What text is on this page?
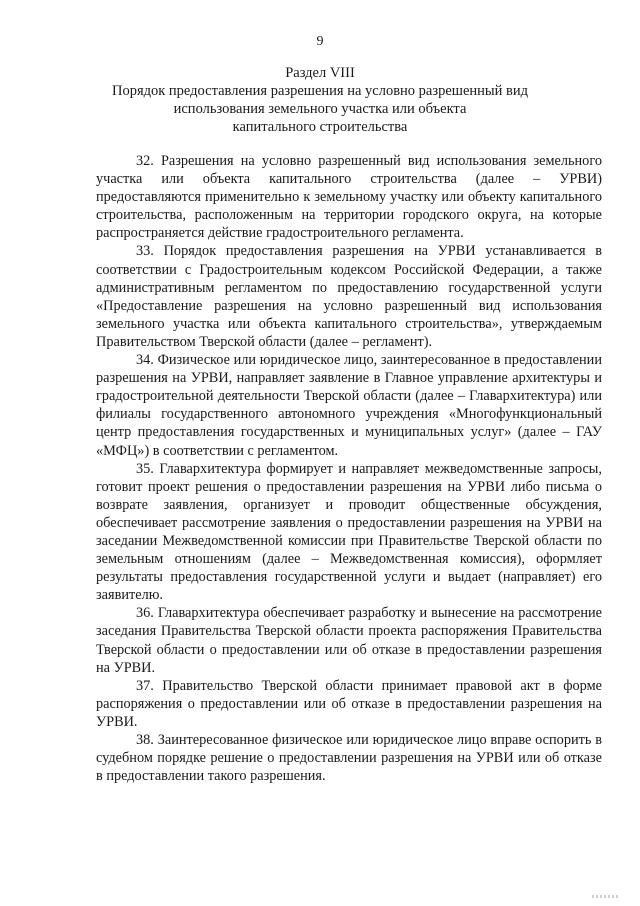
9
Раздел VIII
Порядок предоставления разрешения на условно разрешенный вид
использования земельного участка или объекта
капитального строительства

32. Разрешения на условно разрешенный вид использования земельного участка или объекта капитального строительства (далее – УРВИ) предоставляются применительно к земельному участку или объекту капитального строительства, расположенным на территории городского округа, на которые распространяется действие градостроительного регламента.

33. Порядок предоставления разрешения на УРВИ устанавливается в соответствии с Градостроительным кодексом Российской Федерации, а также административным регламентом по предоставлению государственной услуги «Предоставление разрешения на условно разрешенный вид использования земельного участка или объекта капитального строительства», утверждаемым Правительством Тверской области (далее – регламент).

34. Физическое или юридическое лицо, заинтересованное в предоставлении разрешения на УРВИ, направляет заявление в Главное управление архитектуры и градостроительной деятельности Тверской области (далее – Главархитектура) или филиалы государственного автономного учреждения «Многофункциональный центр предоставления государственных и муниципальных услуг» (далее – ГАУ «МФЦ») в соответствии с регламентом.

35. Главархитектура формирует и направляет межведомственные запросы, готовит проект решения о предоставлении разрешения на УРВИ либо письма о возврате заявления, организует и проводит общественные обсуждения, обеспечивает рассмотрение заявления о предоставлении разрешения на УРВИ на заседании Межведомственной комиссии при Правительстве Тверской области по земельным отношениям (далее – Межведомственная комиссия), оформляет результаты предоставления государственной услуги и выдает (направляет) его заявителю.

36. Главархитектура обеспечивает разработку и вынесение на рассмотрение заседания Правительства Тверской области проекта распоряжения Правительства Тверской области о предоставлении или об отказе в предоставлении разрешения на УРВИ.

37. Правительство Тверской области принимает правовой акт в форме распоряжения о предоставлении или об отказе в предоставлении разрешения на УРВИ.

38. Заинтересованное физическое или юридическое лицо вправе оспорить в судебном порядке решение о предоставлении разрешения на УРВИ или об отказе в предоставлении такого разрешения.
